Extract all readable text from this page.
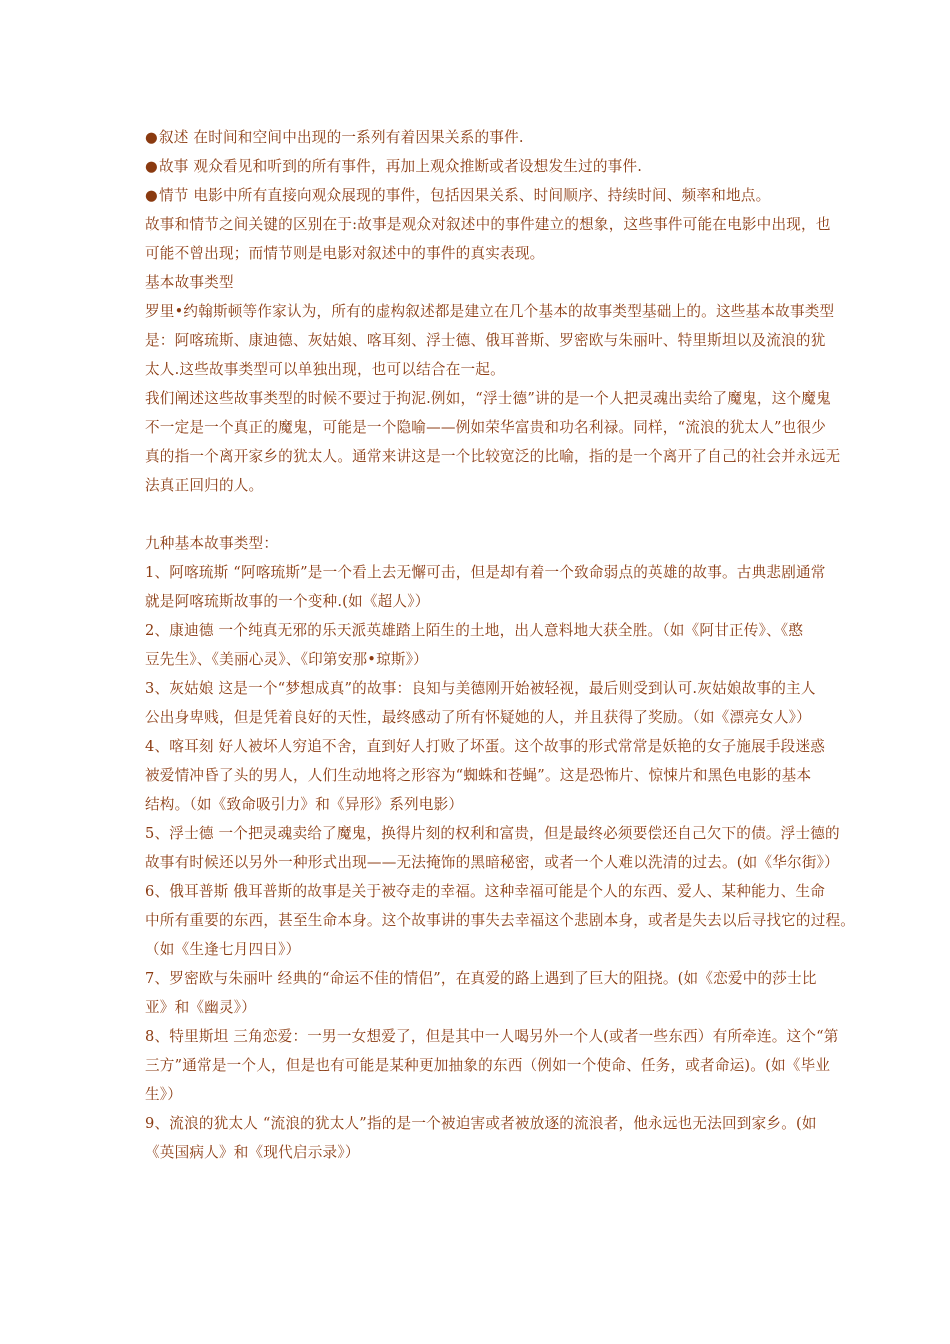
●叙述 在时间和空间中出现的一系列有着因果关系的事件.
●故事 观众看见和听到的所有事件，再加上观众推断或者设想发生过的事件.
●情节 电影中所有直接向观众展现的事件，包括因果关系、时间顺序、持续时间、频率和地点。
故事和情节之间关键的区别在于:故事是观众对叙述中的事件建立的想象，这些事件可能在电影中出现，也
可能不曾出现；而情节则是电影对叙述中的事件的真实表现。
基本故事类型
罗里•约翰斯顿等作家认为，所有的虚构叙述都是建立在几个基本的故事类型基础上的。这些基本故事类型
是：阿喀琉斯、康迪德、灰姑娘、喀耳刻、浮士德、俄耳普斯、罗密欧与朱丽叶、特里斯坦以及流浪的犹
太人.这些故事类型可以单独出现，也可以结合在一起。
我们阐述这些故事类型的时候不要过于拘泥.例如，“浮士德”讲的是一个人把灵魂出卖给了魔鬼，这个魔鬼
不一定是一个真正的魔鬼，可能是一个隐喻——例如荣华富贵和功名利禄。同样，“流浪的犹太人”也很少
真的指一个离开家乡的犹太人。通常来讲这是一个比较宽泛的比喻，指的是一个离开了自己的社会并永远无
法真正回归的人。
九种基本故事类型：
1、阿喀琉斯 “阿喀琉斯”是一个看上去无懈可击，但是却有着一个致命弱点的英雄的故事。古典悲剧通常
就是阿喀琉斯故事的一个变种.(如《超人》）
2、康迪德 一个纯真无邪的乐天派英雄踏上陌生的土地，出人意料地大获全胜。（如《阿甘正传》、《憨
豆先生》、《美丽心灵》、《印第安那•琼斯》）
3、灰姑娘 这是一个“梦想成真”的故事：良知与美德刚开始被轻视，最后则受到认可.灰姑娘故事的主人
公出身卑贱，但是凭着良好的天性，最终感动了所有怀疑她的人，并且获得了奖励。（如《漂亮女人》）
4、喀耳刻 好人被坏人穷追不舍，直到好人打败了坏蛋。这个故事的形式常常是妖艳的女子施展手段迷惑
被爱情冲昏了头的男人，人们生动地将之形容为“蜘蛛和苍蝇”。这是恐怖片、惊悚片和黑色电影的基本
结构。（如《致命吸引力》和《异形》系列电影）
5、浮士德 一个把灵魂卖给了魔鬼，换得片刻的权利和富贵，但是最终必须要偿还自己欠下的债。浮士德的
故事有时候还以另外一种形式出现——无法掩饰的黑暗秘密，或者一个人难以洗清的过去。(如《华尔街》）
6、俄耳普斯 俄耳普斯的故事是关于被夺走的幸福。这种幸福可能是个人的东西、爱人、某种能力、生命
中所有重要的东西，甚至生命本身。这个故事讲的事失去幸福这个悲剧本身，或者是失去以后寻找它的过程。
（如《生逢七月四日》）
7、罗密欧与朱丽叶 经典的“命运不佳的情侣”，在真爱的路上遇到了巨大的阻挠。(如《恋爱中的莎士比
亚》和《幽灵》）
8、特里斯坦 三角恋爱：一男一女想爱了，但是其中一人喝另外一个人(或者一些东西）有所牵连。这个“第
三方”通常是一个人，但是也有可能是某种更加抽象的东西（例如一个使命、任务，或者命运)。(如《毕业
生》）
9、流浪的犹太人 “流浪的犹太人”指的是一个被迫害或者被放逐的流浪者，他永远也无法回到家乡。(如
《英国病人》和《现代启示录》）
